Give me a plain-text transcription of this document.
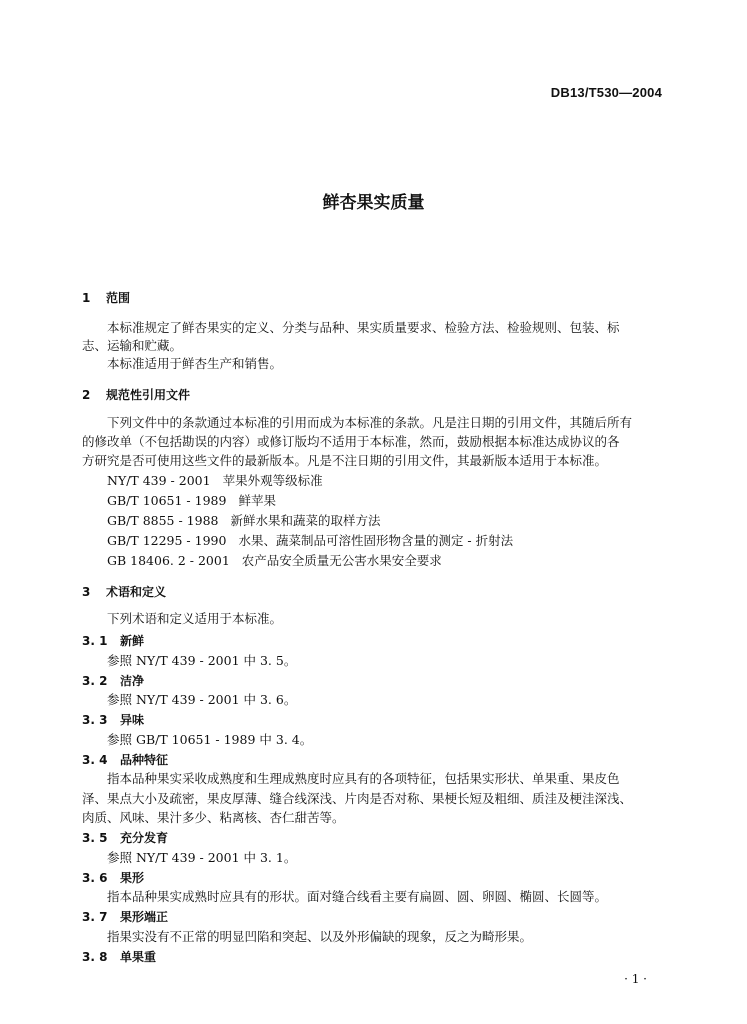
DB13/T530—2004
鲜杏果实质量
1 范围
本标准规定了鲜杏果实的定义、分类与品种、果实质量要求、检验方法、检验规则、包装、标
志、运输和贮藏。
本标准适用于鲜杏生产和销售。
2 规范性引用文件
下列文件中的条款通过本标准的引用而成为本标准的条款。凡是注日期的引用文件，其随后所有
的修改单（不包括勘误的内容）或修订版均不适用于本标准，然而，鼓励根据本标准达成协议的各
方研究是否可使用这些文件的最新版本。凡是不注日期的引用文件，其最新版本适用于本标准。
NY/T 439 - 2001 苹果外观等级标准
GB/T 10651 - 1989 鲜苹果
GB/T 8855 - 1988 新鲜水果和蔬菜的取样方法
GB/T 12295 - 1990 水果、蔬菜制品可溶性固形物含量的测定 - 折射法
GB 18406. 2 - 2001 农产品安全质量无公害水果安全要求
3 术语和定义
下列术语和定义适用于本标准。
3. 1 新鲜
参照 NY/T 439 - 2001 中 3. 5。
3. 2 洁净
参照 NY/T 439 - 2001 中 3. 6。
3. 3 异味
参照 GB/T 10651 - 1989 中 3. 4。
3. 4 品种特征
指本品种果实采收成熟度和生理成熟度时应具有的各项特征，包括果实形状、单果重、果皮色
泽、果点大小及疏密，果皮厚薄、缝合线深浅、片肉是否对称、果梗长短及粗细、质洼及梗洼深浅、
肉质、风味、果汁多少、粘离核、杏仁甜苦等。
3. 5 充分发育
参照 NY/T 439 - 2001 中 3. 1。
3. 6 果形
指本品种果实成熟时应具有的形状。面对缝合线看主要有扁圆、圆、卵圆、椭圆、长圆等。
3. 7 果形端正
指果实没有不正常的明显凹陷和突起、以及外形偏缺的现象，反之为畸形果。
3. 8 单果重
· 1 ·
